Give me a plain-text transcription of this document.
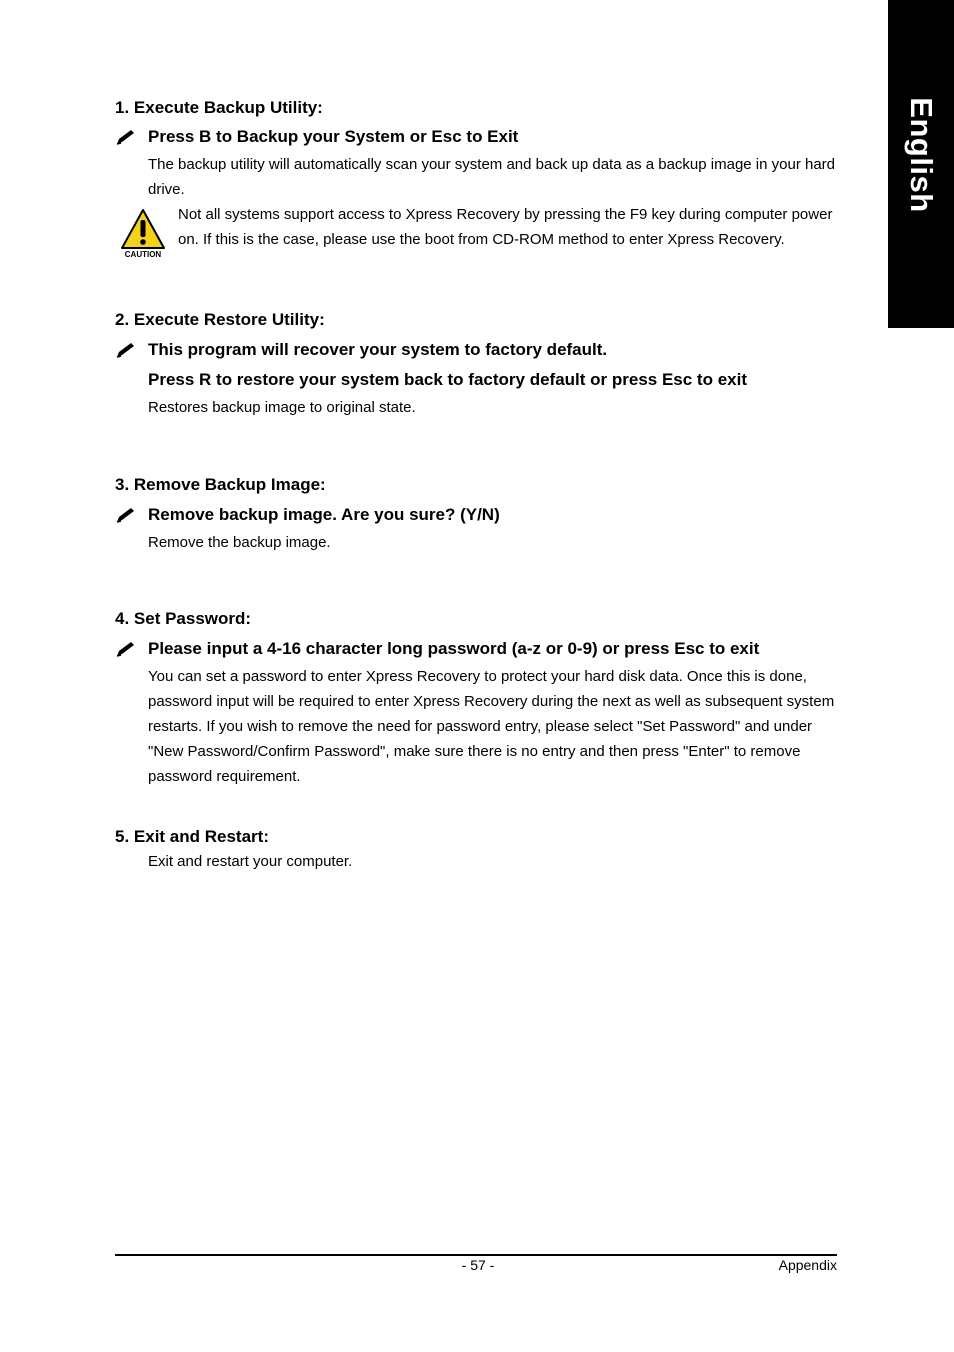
English

1. Execute Backup Utility:

Press B to Backup your System or Esc to Exit

The backup utility will automatically scan your system and back up data as a backup image in your hard drive.

CAUTION
Not all systems support access to Xpress Recovery by pressing the F9 key during computer power on. If this is the case, please use the boot from CD-ROM method to enter Xpress Recovery.

2. Execute Restore Utility:

This program will recover your system to factory default.

Press R to restore your system back to factory default or press Esc to exit

Restores backup image to original state.

3. Remove Backup Image:

Remove backup image. Are you sure? (Y/N)

Remove the backup image.

4. Set Password:

Please input a 4-16 character long password (a-z or 0-9) or press Esc to exit

You can set a password to enter Xpress Recovery to protect your hard disk data. Once this is done, password input will be required to enter Xpress Recovery during the next as well as subsequent system restarts. If you wish to remove the need for password entry, please select "Set Password" and under "New Password/Confirm Password", make sure there is no entry and then press "Enter" to remove password requirement.

5. Exit and Restart:

Exit and restart your computer.

- 57 -	Appendix
